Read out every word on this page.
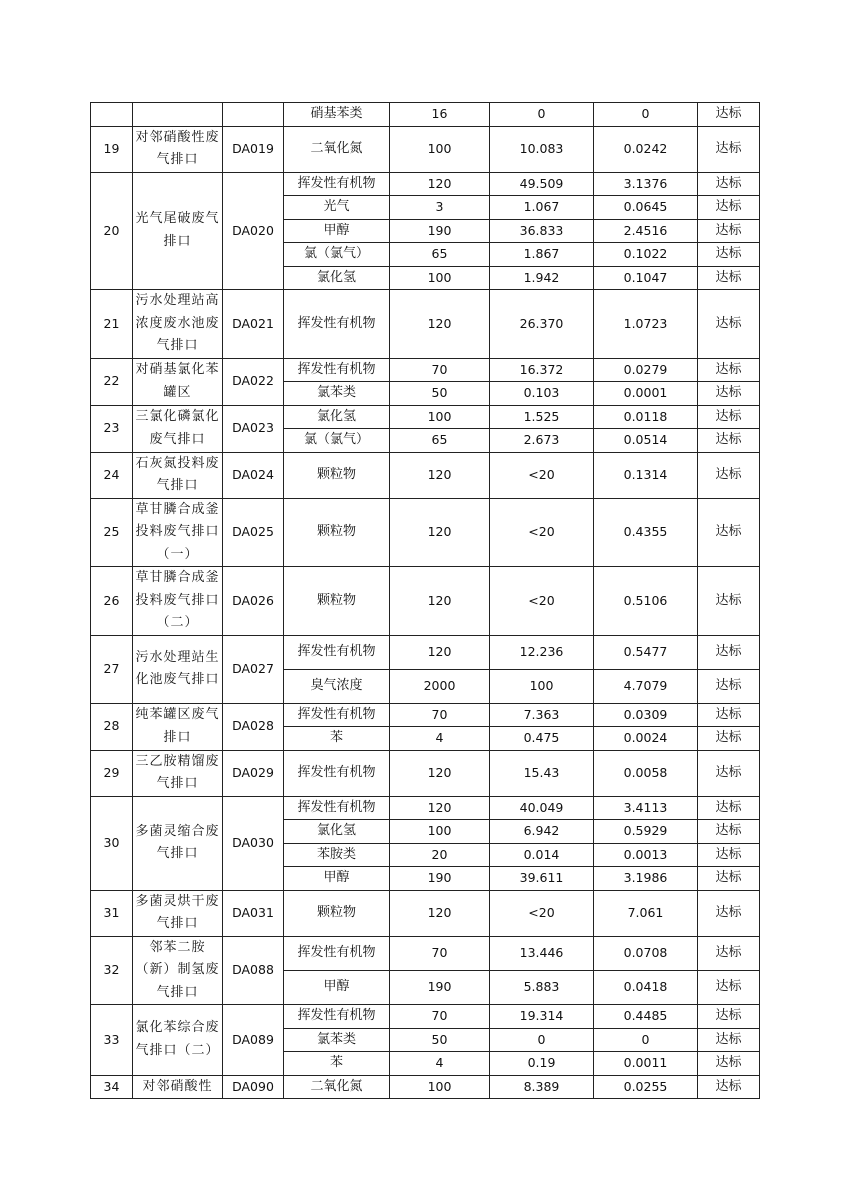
			硝基苯类	16	0	0	达标
19	对邻硝酸性废气排口	DA019	二氧化氮	100	10.083	0.0242	达标
20	光气尾破废气排口	DA020	挥发性有机物	120	49.509	3.1376	达标
			光气	3	1.067	0.0645	达标
			甲醇	190	36.833	2.4516	达标
			氯（氯气）	65	1.867	0.1022	达标
			氯化氢	100	1.942	0.1047	达标
21	污水处理站高浓度废水池废气排口	DA021	挥发性有机物	120	26.370	1.0723	达标
22	对硝基氯化苯罐区	DA022	挥发性有机物	70	16.372	0.0279	达标
			氯苯类	50	0.103	0.0001	达标
23	三氯化磷氯化废气排口	DA023	氯化氢	100	1.525	0.0118	达标
			氯（氯气）	65	2.673	0.0514	达标
24	石灰氮投料废气排口	DA024	颗粒物	120	<20	0.1314	达标
25	草甘膦合成釜投料废气排口（一）	DA025	颗粒物	120	<20	0.4355	达标
26	草甘膦合成釜投料废气排口（二）	DA026	颗粒物	120	<20	0.5106	达标
27	污水处理站生化池废气排口	DA027	挥发性有机物	120	12.236	0.5477	达标
			臭气浓度	2000	100	4.7079	达标
28	纯苯罐区废气排口	DA028	挥发性有机物	70	7.363	0.0309	达标
			苯	4	0.475	0.0024	达标
29	三乙胺精馏废气排口	DA029	挥发性有机物	120	15.43	0.0058	达标
30	多菌灵缩合废气排口	DA030	挥发性有机物	120	40.049	3.4113	达标
			氯化氢	100	6.942	0.5929	达标
			苯胺类	20	0.014	0.0013	达标
			甲醇	190	39.611	3.1986	达标
31	多菌灵烘干废气排口	DA031	颗粒物	120	<20	7.061	达标
32	邻苯二胺（新）制氢废气排口	DA088	挥发性有机物	70	13.446	0.0708	达标
			甲醇	190	5.883	0.0418	达标
33	氯化苯综合废气排口（二）	DA089	挥发性有机物	70	19.314	0.4485	达标
			氯苯类	50	0	0	达标
			苯	4	0.19	0.0011	达标
34	对邻硝酸性	DA090	二氧化氮	100	8.389	0.0255	达标
